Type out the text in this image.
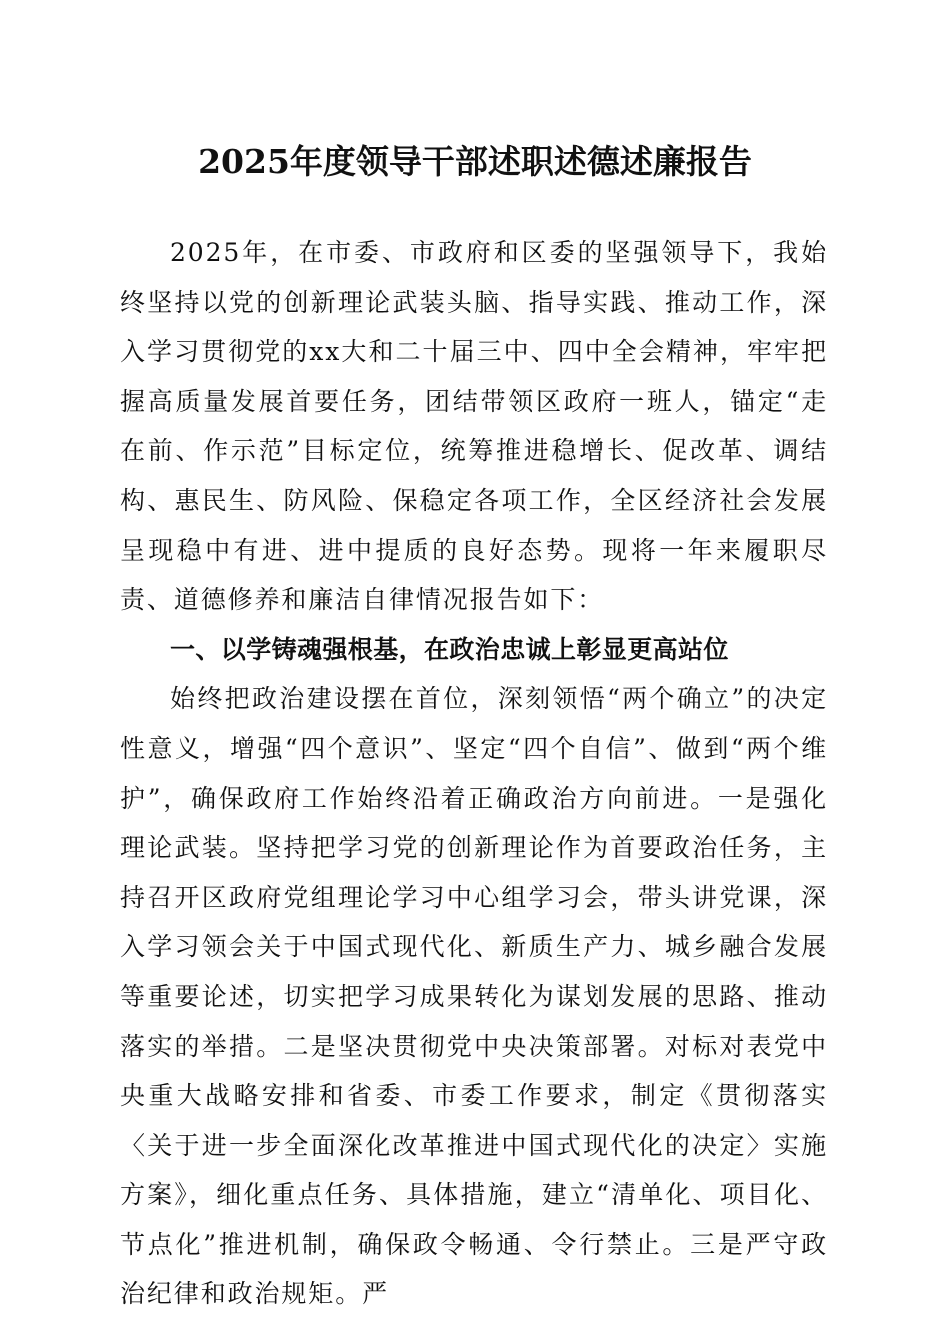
2025年度领导干部述职述德述廉报告

2025年，在市委、市政府和区委的坚强领导下，我始终坚持以党的创新理论武装头脑、指导实践、推动工作，深入学习贯彻党的xx大和二十届三中、四中全会精神，牢牢把握高质量发展首要任务，团结带领区政府一班人，锚定“走在前、作示范”目标定位，统筹推进稳增长、促改革、调结构、惠民生、防风险、保稳定各项工作，全区经济社会发展呈现稳中有进、进中提质的良好态势。现将一年来履职尽责、道德修养和廉洁自律情况报告如下：

一、以学铸魂强根基，在政治忠诚上彰显更高站位

始终把政治建设摆在首位，深刻领悟“两个确立”的决定性意义，增强“四个意识”、坚定“四个自信”、做到“两个维护”，确保政府工作始终沿着正确政治方向前进。一是强化理论武装。坚持把学习党的创新理论作为首要政治任务，主持召开区政府党组理论学习中心组学习会，带头讲党课，深入学习领会关于中国式现代化、新质生产力、城乡融合发展等重要论述，切实把学习成果转化为谋划发展的思路、推动落实的举措。二是坚决贯彻党中央决策部署。对标对表党中央重大战略安排和省委、市委工作要求，制定《贯彻落实〈关于进一步全面深化改革推进中国式现代化的决定〉实施方案》，细化重点任务、具体措施，建立“清单化、项目化、节点化”推进机制，确保政令畅通、令行禁止。三是严守政治纪律和政治规矩。严
